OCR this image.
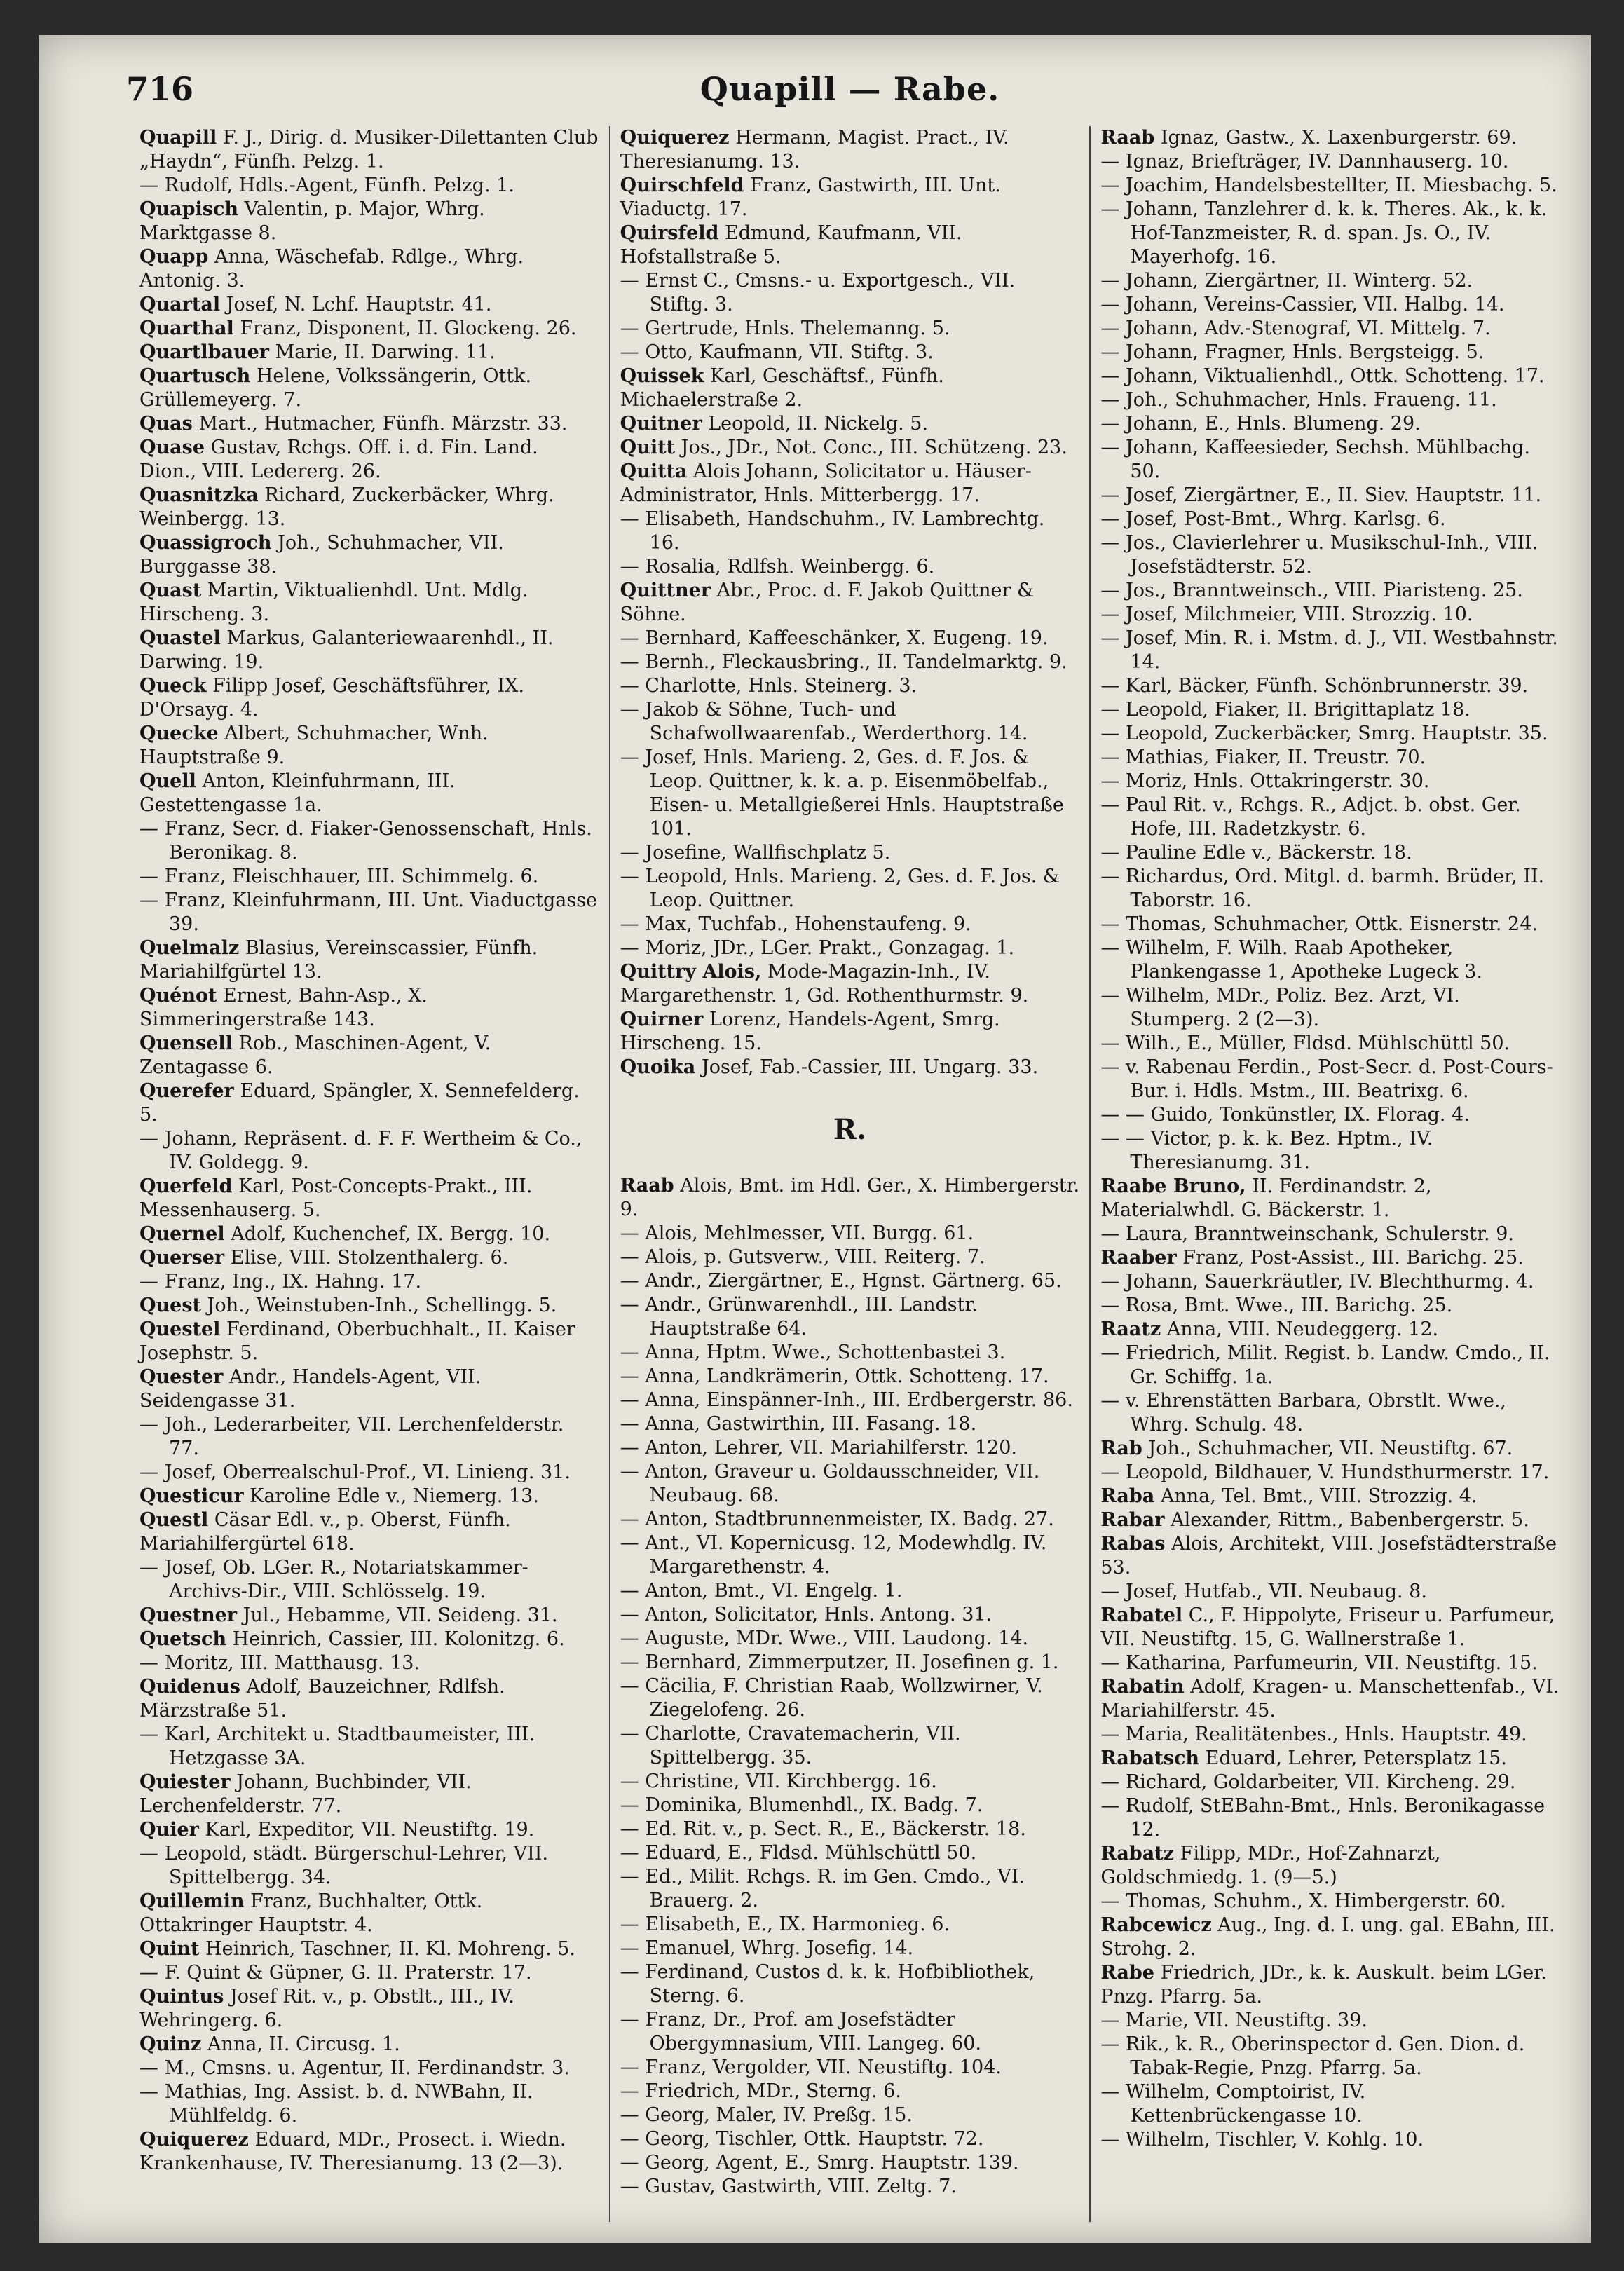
716	Quapill — Rabe.

Quapill F. J., Dirig. d. Musiker-Dilettanten Club „Haydn“, Fünfh. Pelzg. 1.

— Rudolf, Hdls.-Agent, Fünfh. Pelzg. 1.

Quapisch Valentin, p. Major, Whrg. Marktgasse 8.

Quapp Anna, Wäschefab. Rdlge., Whrg. Antonig. 3.

Quartal Josef, N. Lchf. Hauptstr. 41.

Quarthal Franz, Disponent, II. Glockeng. 26.

Quartlbauer Marie, II. Darwing. 11.

Quartusch Helene, Volkssängerin, Ottk. Grüllemeyerg. 7.

Quas Mart., Hutmacher, Fünfh. Märzstr. 33.

Quase Gustav, Rchgs. Off. i. d. Fin. Land. Dion., VIII. Ledererg. 26.

Quasnitzka Richard, Zuckerbäcker, Whrg. Weinbergg. 13.

Quassigroch Joh., Schuhmacher, VII. Burggasse 38.

Quast Martin, Viktualienhdl. Unt. Mdlg. Hirscheng. 3.

Quastel Markus, Galanteriewaarenhdl., II. Darwing. 19.

Queck Filipp Josef, Geschäftsführer, IX. D'Orsayg. 4.

Quecke Albert, Schuhmacher, Wnh. Hauptstraße 9.

Quell Anton, Kleinfuhrmann, III. Gestettengasse 1a.

— Franz, Secr. d. Fiaker-Genossenschaft, Hnls. Beronikag. 8.

— Franz, Fleischhauer, III. Schimmelg. 6.

— Franz, Kleinfuhrmann, III. Unt. Viaductgasse 39.

Quelmalz Blasius, Vereinscassier, Fünfh. Mariahilfgürtel 13.

Quénot Ernest, Bahn-Asp., X. Simmeringerstraße 143.

Quensell Rob., Maschinen-Agent, V. Zentagasse 6.

Querefer Eduard, Spängler, X. Sennefelderg. 5.

— Johann, Repräsent. d. F. F. Wertheim & Co., IV. Goldegg. 9.

Querfeld Karl, Post-Concepts-Prakt., III. Messenhauserg. 5.

Quernel Adolf, Kuchenchef, IX. Bergg. 10.

Querser Elise, VIII. Stolzenthalerg. 6.

— Franz, Ing., IX. Hahng. 17.

Quest Joh., Weinstuben-Inh., Schellingg. 5.

Questel Ferdinand, Oberbuchhalt., II. Kaiser Josephstr. 5.

Quester Andr., Handels-Agent, VII. Seidengasse 31.

— Joh., Lederarbeiter, VII. Lerchenfelderstr. 77.

— Josef, Oberrealschul-Prof., VI. Linieng. 31.

Questicur Karoline Edle v., Niemerg. 13.

Questl Cäsar Edl. v., p. Oberst, Fünfh. Mariahilfergürtel 618.

— Josef, Ob. LGer. R., Notariatskammer-Archivs-Dir., VIII. Schlösselg. 19.

Questner Jul., Hebamme, VII. Seideng. 31.

Quetsch Heinrich, Cassier, III. Kolonitzg. 6.

— Moritz, III. Matthausg. 13.

Quidenus Adolf, Bauzeichner, Rdlfsh. Märzstraße 51.

— Karl, Architekt u. Stadtbaumeister, III. Hetzgasse 3A.

Quiester Johann, Buchbinder, VII. Lerchenfelderstr. 77.

Quier Karl, Expeditor, VII. Neustiftg. 19.

— Leopold, städt. Bürgerschul-Lehrer, VII. Spittelbergg. 34.

Quillemin Franz, Buchhalter, Ottk. Ottakringer Hauptstr. 4.

Quint Heinrich, Taschner, II. Kl. Mohreng. 5.

— F. Quint & Güpner, G. II. Praterstr. 17.

Quintus Josef Rit. v., p. Obstlt., III., IV. Wehringerg. 6.

Quinz Anna, II. Circusg. 1.

— M., Cmsns. u. Agentur, II. Ferdinandstr. 3.

— Mathias, Ing. Assist. b. d. NWBahn, II. Mühlfeldg. 6.

Quiquerez Eduard, MDr., Prosect. i. Wiedn. Krankenhause, IV. Theresianumg. 13 (2—3).

Quiquerez Hermann, Magist. Pract., IV. Theresianumg. 13.

Quirschfeld Franz, Gastwirth, III. Unt. Viaductg. 17.

Quirsfeld Edmund, Kaufmann, VII. Hofstallstraße 5.

— Ernst C., Cmsns.- u. Exportgesch., VII. Stiftg. 3.

— Gertrude, Hnls. Thelemanng. 5.

— Otto, Kaufmann, VII. Stiftg. 3.

Quissek Karl, Geschäftsf., Fünfh. Michaelerstraße 2.

Quitner Leopold, II. Nickelg. 5.

Quitt Jos., JDr., Not. Conc., III. Schützeng. 23.

Quitta Alois Johann, Solicitator u. Häuser-Administrator, Hnls. Mitterbergg. 17.

— Elisabeth, Handschuhm., IV. Lambrechtg. 16.

— Rosalia, Rdlfsh. Weinbergg. 6.

Quittner Abr., Proc. d. F. Jakob Quittner & Söhne.

— Bernhard, Kaffeeschänker, X. Eugeng. 19.

— Bernh., Fleckausbring., II. Tandelmarktg. 9.

— Charlotte, Hnls. Steinerg. 3.

— Jakob & Söhne, Tuch- und Schafwollwaarenfab., Werderthorg. 14.

— Josef, Hnls. Marieng. 2, Ges. d. F. Jos. & Leop. Quittner, k. k. a. p. Eisenmöbelfab., Eisen- u. Metallgießerei Hnls. Hauptstraße 101.

— Josefine, Wallfischplatz 5.

— Leopold, Hnls. Marieng. 2, Ges. d. F. Jos. & Leop. Quittner.

— Max, Tuchfab., Hohenstaufeng. 9.

— Moriz, JDr., LGer. Prakt., Gonzagag. 1.

Quittry Alois, Mode-Magazin-Inh., IV. Margarethenstr. 1, Gd. Rothenthurmstr. 9.

Quirner Lorenz, Handels-Agent, Smrg. Hirscheng. 15.

Quoika Josef, Fab.-Cassier, III. Ungarg. 33.

R.

Raab Alois, Bmt. im Hdl. Ger., X. Himbergerstr. 9.

— Alois, Mehlmesser, VII. Burgg. 61.

— Alois, p. Gutsverw., VIII. Reiterg. 7.

— Andr., Ziergärtner, E., Hgnst. Gärtnerg. 65.

— Andr., Grünwarenhdl., III. Landstr. Hauptstraße 64.

— Anna, Hptm. Wwe., Schottenbastei 3.

— Anna, Landkrämerin, Ottk. Schotteng. 17.

— Anna, Einspänner-Inh., III. Erdbergerstr. 86.

— Anna, Gastwirthin, III. Fasang. 18.

— Anton, Lehrer, VII. Mariahilferstr. 120.

— Anton, Graveur u. Goldausschneider, VII. Neubaug. 68.

— Anton, Stadtbrunnenmeister, IX. Badg. 27.

— Ant., VI. Kopernicusg. 12, Modewhdlg. IV. Margarethenstr. 4.

— Anton, Bmt., VI. Engelg. 1.

— Anton, Solicitator, Hnls. Antong. 31.

— Auguste, MDr. Wwe., VIII. Laudong. 14.

— Bernhard, Zimmerputzer, II. Josefinen g. 1.

— Cäcilia, F. Christian Raab, Wollzwirner, V. Ziegelofeng. 26.

— Charlotte, Cravatemacherin, VII. Spittelbergg. 35.

— Christine, VII. Kirchbergg. 16.

— Dominika, Blumenhdl., IX. Badg. 7.

— Ed. Rit. v., p. Sect. R., E., Bäckerstr. 18.

— Eduard, E., Fldsd. Mühlschüttl 50.

— Ed., Milit. Rchgs. R. im Gen. Cmdo., VI. Brauerg. 2.

— Elisabeth, E., IX. Harmonieg. 6.

— Emanuel, Whrg. Josefig. 14.

— Ferdinand, Custos d. k. k. Hofbibliothek, Sterng. 6.

— Franz, Dr., Prof. am Josefstädter Obergymnasium, VIII. Langeg. 60.

— Franz, Vergolder, VII. Neustiftg. 104.

— Friedrich, MDr., Sterng. 6.

— Georg, Maler, IV. Preßg. 15.

— Georg, Tischler, Ottk. Hauptstr. 72.

— Georg, Agent, E., Smrg. Hauptstr. 139.

— Gustav, Gastwirth, VIII. Zeltg. 7.

Raab Ignaz, Gastw., X. Laxenburgerstr. 69.

— Ignaz, Briefträger, IV. Dannhauserg. 10.

— Joachim, Handelsbestellter, II. Miesbachg. 5.

— Johann, Tanzlehrer d. k. k. Theres. Ak., k. k. Hof-Tanzmeister, R. d. span. Js. O., IV. Mayerhofg. 16.

— Johann, Ziergärtner, II. Winterg. 52.

— Johann, Vereins-Cassier, VII. Halbg. 14.

— Johann, Adv.-Stenograf, VI. Mittelg. 7.

— Johann, Fragner, Hnls. Bergsteigg. 5.

— Johann, Viktualienhdl., Ottk. Schotteng. 17.

— Joh., Schuhmacher, Hnls. Fraueng. 11.

— Johann, E., Hnls. Blumeng. 29.

— Johann, Kaffeesieder, Sechsh. Mühlbachg. 50.

— Josef, Ziergärtner, E., II. Siev. Hauptstr. 11.

— Josef, Post-Bmt., Whrg. Karlsg. 6.

— Jos., Clavierlehrer u. Musikschul-Inh., VIII. Josefstädterstr. 52.

— Jos., Branntweinsch., VIII. Piaristeng. 25.

— Josef, Milchmeier, VIII. Strozzig. 10.

— Josef, Min. R. i. Mstm. d. J., VII. Westbahnstr. 14.

— Karl, Bäcker, Fünfh. Schönbrunnerstr. 39.

— Leopold, Fiaker, II. Brigittaplatz 18.

— Leopold, Zuckerbäcker, Smrg. Hauptstr. 35.

— Mathias, Fiaker, II. Treustr. 70.

— Moriz, Hnls. Ottakringerstr. 30.

— Paul Rit. v., Rchgs. R., Adjct. b. obst. Ger. Hofe, III. Radetzkystr. 6.

— Pauline Edle v., Bäckerstr. 18.

— Richardus, Ord. Mitgl. d. barmh. Brüder, II. Taborstr. 16.

— Thomas, Schuhmacher, Ottk. Eisnerstr. 24.

— Wilhelm, F. Wilh. Raab Apotheker, Plankengasse 1, Apotheke Lugeck 3.

— Wilhelm, MDr., Poliz. Bez. Arzt, VI. Stumperg. 2 (2—3).

— Wilh., E., Müller, Fldsd. Mühlschüttl 50.

— v. Rabenau Ferdin., Post-Secr. d. Post-Cours-Bur. i. Hdls. Mstm., III. Beatrixg. 6.

— — Guido, Tonkünstler, IX. Florag. 4.

— — Victor, p. k. k. Bez. Hptm., IV. Theresianumg. 31.

Raabe Bruno, II. Ferdinandstr. 2, Materialwhdl. G. Bäckerstr. 1.

— Laura, Branntweinschank, Schulerstr. 9.

Raaber Franz, Post-Assist., III. Barichg. 25.

— Johann, Sauerkräutler, IV. Blechthurmg. 4.

— Rosa, Bmt. Wwe., III. Barichg. 25.

Raatz Anna, VIII. Neudeggerg. 12.

— Friedrich, Milit. Regist. b. Landw. Cmdo., II. Gr. Schiffg. 1a.

— v. Ehrenstätten Barbara, Obrstlt. Wwe., Whrg. Schulg. 48.

Rab Joh., Schuhmacher, VII. Neustiftg. 67.

— Leopold, Bildhauer, V. Hundsthurmerstr. 17.

Raba Anna, Tel. Bmt., VIII. Strozzig. 4.

Rabar Alexander, Rittm., Babenbergerstr. 5.

Rabas Alois, Architekt, VIII. Josefstädterstraße 53.

— Josef, Hutfab., VII. Neubaug. 8.

Rabatel C., F. Hippolyte, Friseur u. Parfumeur, VII. Neustiftg. 15, G. Wallnerstraße 1.

— Katharina, Parfumeurin, VII. Neustiftg. 15.

Rabatin Adolf, Kragen- u. Manschettenfab., VI. Mariahilferstr. 45.

— Maria, Realitätenbes., Hnls. Hauptstr. 49.

Rabatsch Eduard, Lehrer, Petersplatz 15.

— Richard, Goldarbeiter, VII. Kircheng. 29.

— Rudolf, StEBahn-Bmt., Hnls. Beronikagasse 12.

Rabatz Filipp, MDr., Hof-Zahnarzt, Goldschmiedg. 1. (9—5.)

— Thomas, Schuhm., X. Himbergerstr. 60.

Rabcewicz Aug., Ing. d. I. ung. gal. EBahn, III. Strohg. 2.

Rabe Friedrich, JDr., k. k. Auskult. beim LGer. Pnzg. Pfarrg. 5a.

— Marie, VII. Neustiftg. 39.

— Rik., k. R., Oberinspector d. Gen. Dion. d. Tabak-Regie, Pnzg. Pfarrg. 5a.

— Wilhelm, Comptoirist, IV. Kettenbrückengasse 10.

— Wilhelm, Tischler, V. Kohlg. 10.
